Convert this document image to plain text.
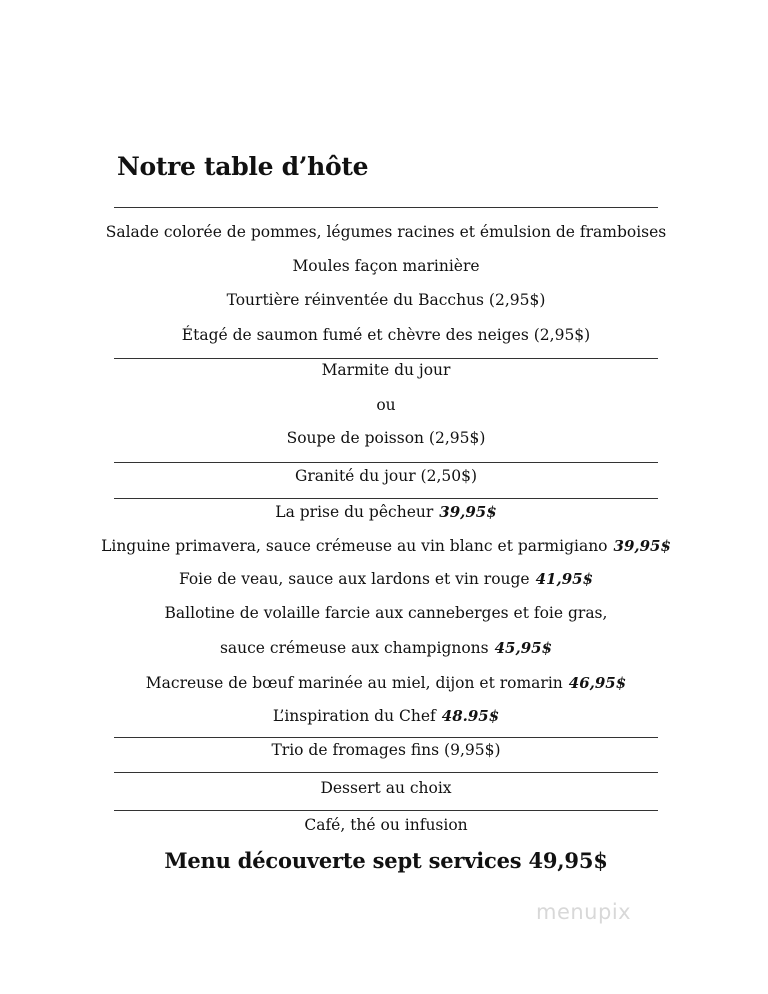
Notre table d’hôte
Salade colorée de pommes, légumes racines et émulsion de framboises
Moules façon marinière
Tourtière réinventée du Bacchus (2,95$)
Étagé de saumon fumé et chèvre des neiges (2,95$)
Marmite du jour
ou
Soupe de poisson (2,95$)
Granité du jour (2,50$)
La prise du pêcheur 39,95$
Linguine primavera, sauce crémeuse au vin blanc et parmigiano 39,95$
Foie de veau, sauce aux lardons et vin rouge 41,95$
Ballotine de volaille farcie aux canneberges et foie gras,
sauce crémeuse aux champignons 45,95$
Macreuse de bœuf marinée au miel, dijon et romarin 46,95$
L’inspiration du Chef 48.95$
Trio de fromages fins (9,95$)
Dessert au choix
Café, thé ou infusion
Menu découverte sept services 49,95$
menupix
